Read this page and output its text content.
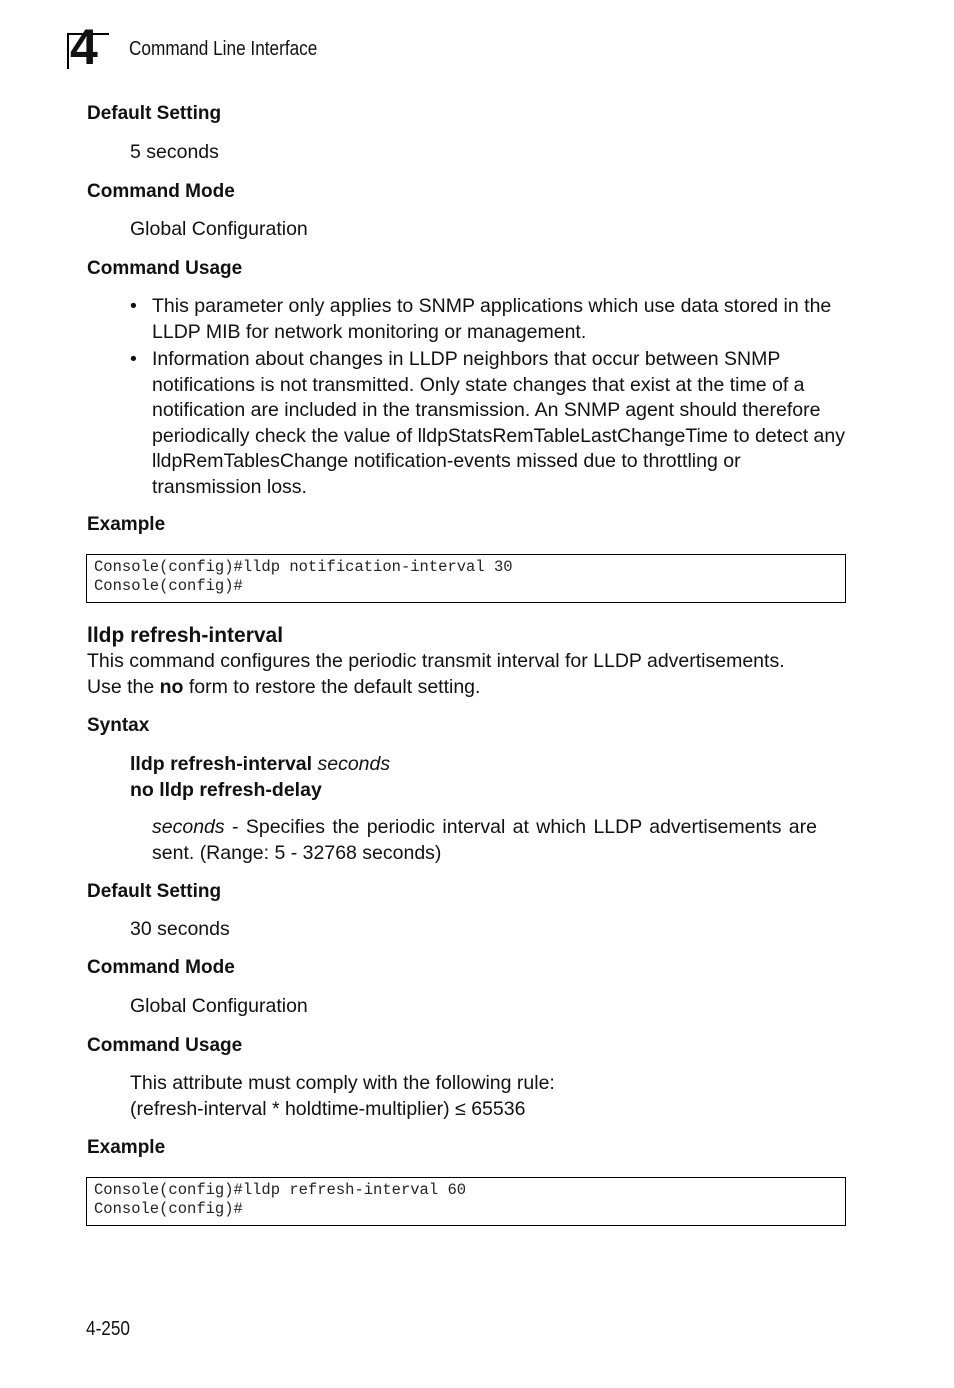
4 Command Line Interface
Default Setting

5 seconds

Command Mode

Global Configuration

Command Usage
• This parameter only applies to SNMP applications which use data stored in the LLDP MIB for network monitoring or management.
• Information about changes in LLDP neighbors that occur between SNMP notifications is not transmitted. Only state changes that exist at the time of a notification are included in the transmission. An SNMP agent should therefore periodically check the value of lldpStatsRemTableLastChangeTime to detect any lldpRemTablesChange notification-events missed due to throttling or transmission loss.
Example
Console(config)#lldp notification-interval 30
Console(config)#
lldp refresh-interval

This command configures the periodic transmit interval for LLDP advertisements.
Use the no form to restore the default setting.

Syntax

lldp refresh-interval seconds
no lldp refresh-delay

seconds - Specifies the periodic interval at which LLDP advertisements are sent. (Range: 5 - 32768 seconds)

Default Setting

30 seconds

Command Mode

Global Configuration

Command Usage

This attribute must comply with the following rule:
(refresh-interval * holdtime-multiplier) ≤ 65536

Example
Console(config)#lldp refresh-interval 60
Console(config)#
4-250
